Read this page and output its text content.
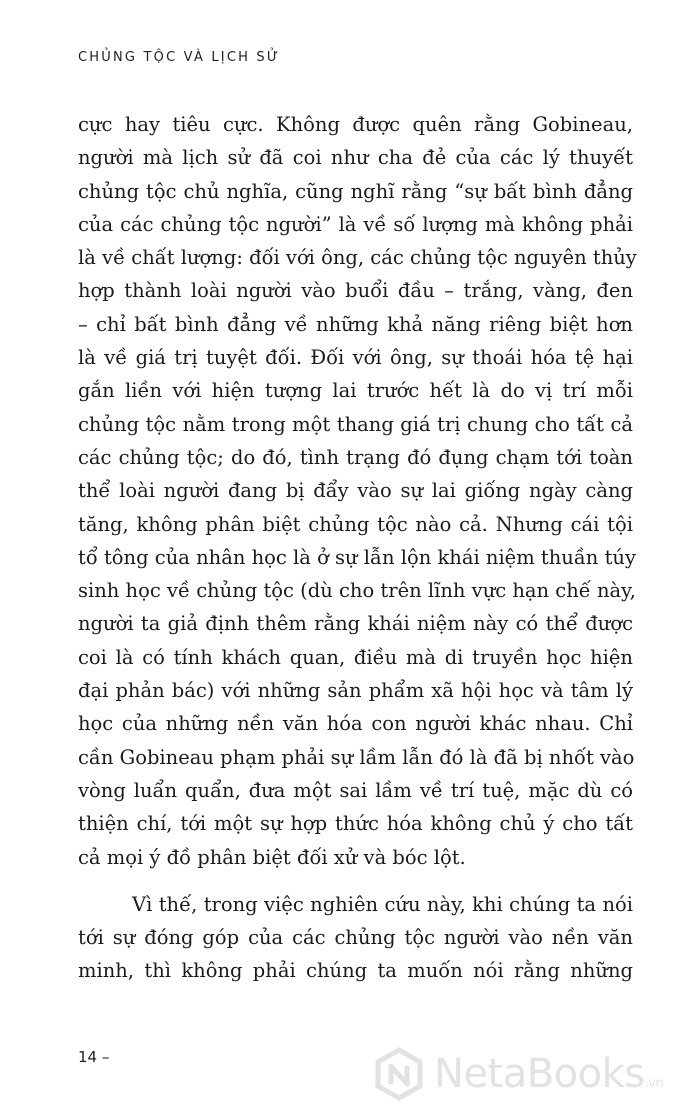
CHỦNG TỘC VÀ LỊCH SỬ
cực hay tiêu cực. Không được quên rằng Gobineau,
người mà lịch sử đã coi như cha đẻ của các lý thuyết
chủng tộc chủ nghĩa, cũng nghĩ rằng “sự bất bình đẳng
của các chủng tộc người” là về số lượng mà không phải
là về chất lượng: đối với ông, các chủng tộc nguyên thủy
hợp thành loài người vào buổi đầu – trắng, vàng, đen
– chỉ bất bình đẳng về những khả năng riêng biệt hơn
là về giá trị tuyệt đối. Đối với ông, sự thoái hóa tệ hại
gắn liền với hiện tượng lai trước hết là do vị trí mỗi
chủng tộc nằm trong một thang giá trị chung cho tất cả
các chủng tộc; do đó, tình trạng đó đụng chạm tới toàn
thể loài người đang bị đẩy vào sự lai giống ngày càng
tăng, không phân biệt chủng tộc nào cả. Nhưng cái tội
tổ tông của nhân học là ở sự lẫn lộn khái niệm thuần túy
sinh học về chủng tộc (dù cho trên lĩnh vực hạn chế này,
người ta giả định thêm rằng khái niệm này có thể được
coi là có tính khách quan, điều mà di truyền học hiện
đại phản bác) với những sản phẩm xã hội học và tâm lý
học của những nền văn hóa con người khác nhau. Chỉ
cần Gobineau phạm phải sự lầm lẫn đó là đã bị nhốt vào
vòng luẩn quẩn, đưa một sai lầm về trí tuệ, mặc dù có
thiện chí, tới một sự hợp thức hóa không chủ ý cho tất
cả mọi ý đồ phân biệt đối xử và bóc lột.
Vì thế, trong việc nghiên cứu này, khi chúng ta nói
tới sự đóng góp của các chủng tộc người vào nền văn
minh, thì không phải chúng ta muốn nói rằng những
14 –	NetaBooks.vn
